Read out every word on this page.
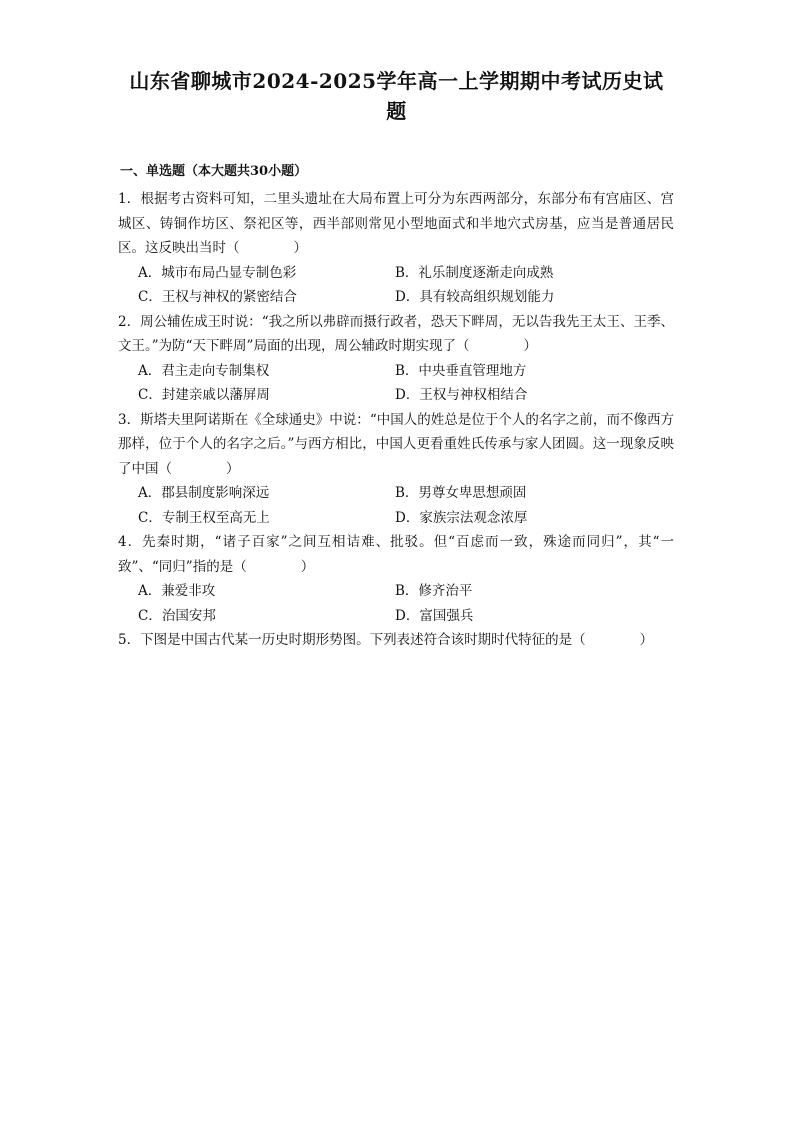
山东省聊城市2024-2025学年高一上学期期中考试历史试
题
一、单选题（本大题共30小题）

1．根据考古资料可知，二里头遗址在大局布置上可分为东西两部分，东部分布有宫庙区、宫城区、铸铜作坊区、祭祀区等，西半部则常见小型地面式和半地穴式房基，应当是普通居民区。这反映出当时（　　　　）

A．城市布局凸显专制色彩	B．礼乐制度逐渐走向成熟
C．王权与神权的紧密结合	D．具有较高组织规划能力

2．周公辅佐成王时说：“我之所以弗辟而摄行政者，恐天下畔周，无以告我先王太王、王季、文王。”为防“天下畔周”局面的出现，周公辅政时期实现了（　　　　）

A．君主走向专制集权	B．中央垂直管理地方
C．封建亲戚以藩屏周	D．王权与神权相结合

3．斯塔夫里阿诺斯在《全球通史》中说：“中国人的姓总是位于个人的名字之前，而不像西方那样，位于个人的名字之后。”与西方相比，中国人更看重姓氏传承与家人团圆。这一现象反映了中国（　　　　）

A．郡县制度影响深远	B．男尊女卑思想顽固
C．专制王权至高无上	D．家族宗法观念浓厚

4．先秦时期，“诸子百家”之间互相诘难、批驳。但“百虑而一致，殊途而同归”，其“一致”、“同归”指的是（　　　　）

A．兼爱非攻	B．修齐治平
C．治国安邦	D．富国强兵

5．下图是中国古代某一历史时期形势图。下列表述符合该时期时代特征的是（　　　　）
